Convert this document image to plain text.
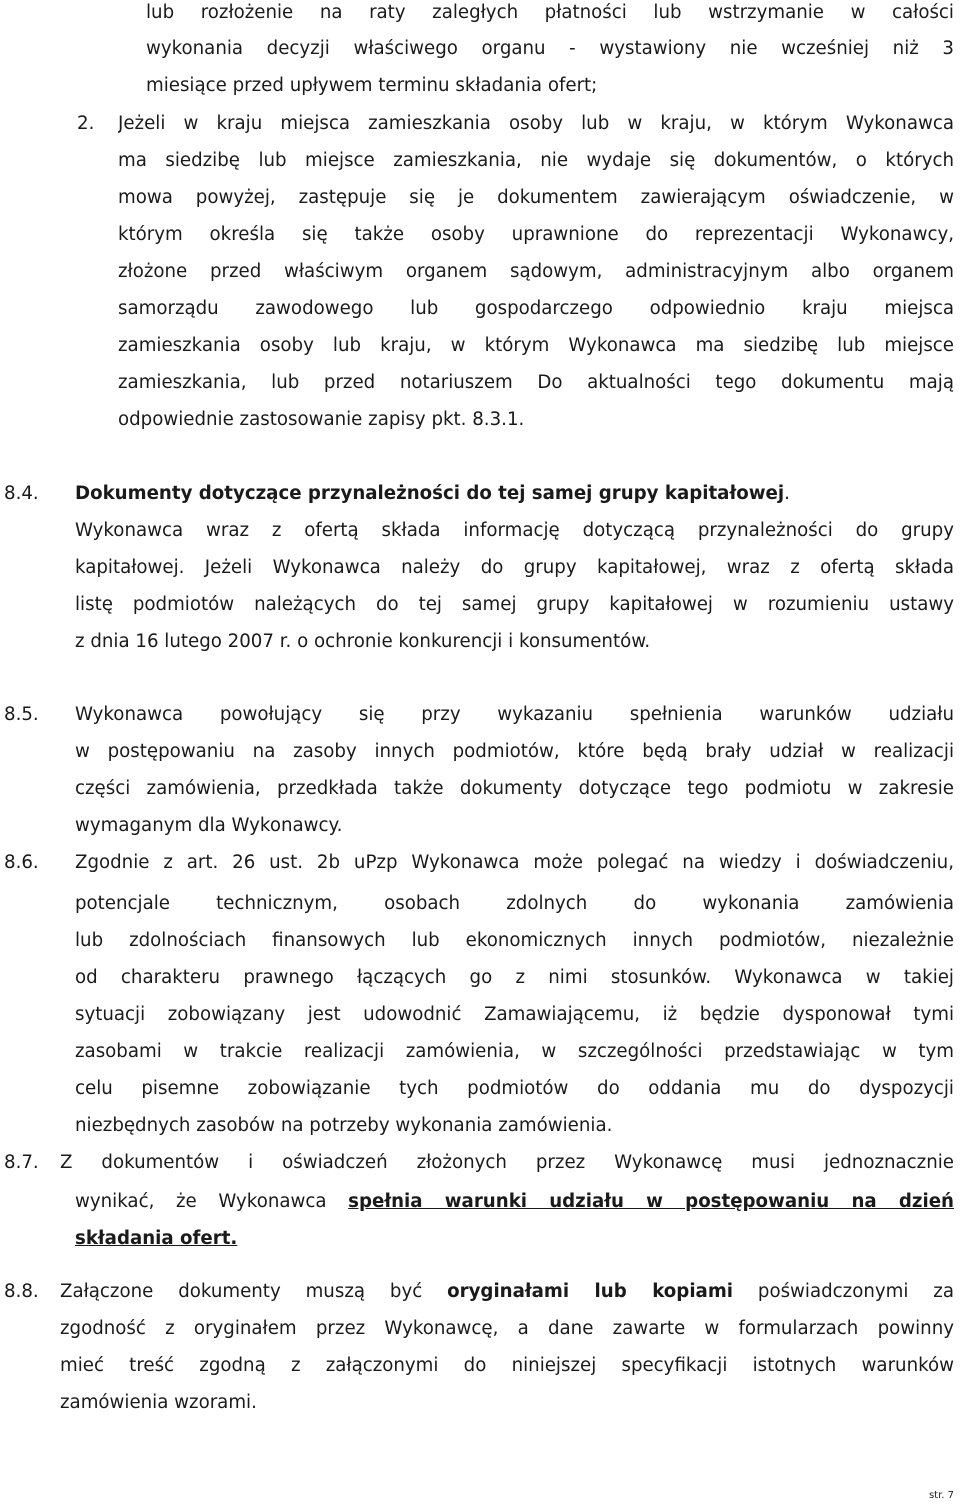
lub rozłożenie na raty zaległych płatności lub wstrzymanie w całości
wykonania decyzji właściwego organu - wystawiony nie wcześniej niż 3
miesiące przed upływem terminu składania ofert;
2. Jeżeli w kraju miejsca zamieszkania osoby lub w kraju, w którym Wykonawca
ma siedzibę lub miejsce zamieszkania, nie wydaje się dokumentów, o których
mowa powyżej, zastępuje się je dokumentem zawierającym oświadczenie, w
którym określa się także osoby uprawnione do reprezentacji Wykonawcy,
złożone przed właściwym organem sądowym, administracyjnym albo organem
samorządu zawodowego lub gospodarczego odpowiednio kraju miejsca
zamieszkania osoby lub kraju, w którym Wykonawca ma siedzibę lub miejsce
zamieszkania, lub przed notariuszem Do aktualności tego dokumentu mają
odpowiednie zastosowanie zapisy pkt. 8.3.1.
8.4. Dokumenty dotyczące przynależności do tej samej grupy kapitałowej.
Wykonawca wraz z ofertą składa informację dotyczącą przynależności do grupy
kapitałowej. Jeżeli Wykonawca należy do grupy kapitałowej, wraz z ofertą składa
listę podmiotów należących do tej samej grupy kapitałowej w rozumieniu ustawy
z dnia 16 lutego 2007 r. o ochronie konkurencji i konsumentów.
8.5. Wykonawca powołujący się przy wykazaniu spełnienia warunków udziału
w postępowaniu na zasoby innych podmiotów, które będą brały udział w realizacji
części zamówienia, przedkłada także dokumenty dotyczące tego podmiotu w zakresie
wymaganym dla Wykonawcy.
8.6. Zgodnie z art. 26 ust. 2b uPzp Wykonawca może polegać na wiedzy i doświadczeniu,
potencjale technicznym, osobach zdolnych do wykonania zamówienia
lub zdolnościach finansowych lub ekonomicznych innych podmiotów, niezależnie
od charakteru prawnego łączących go z nimi stosunków. Wykonawca w takiej
sytuacji zobowiązany jest udowodnić Zamawiającemu, iż będzie dysponował tymi
zasobami w trakcie realizacji zamówienia, w szczególności przedstawiając w tym
celu pisemne zobowiązanie tych podmiotów do oddania mu do dyspozycji
niezbędnych zasobów na potrzeby wykonania zamówienia.
8.7. Z dokumentów i oświadczeń złożonych przez Wykonawcę musi jednoznacznie
wynikać, że Wykonawca spełnia warunki udziału w postępowaniu na dzień
składania ofert.
8.8. Załączone dokumenty muszą być oryginałami lub kopiami poświadczonymi za
zgodność z oryginałem przez Wykonawcę, a dane zawarte w formularzach powinny
mieć treść zgodną z załączonymi do niniejszej specyfikacji istotnych warunków
zamówienia wzorami.
str. 7
